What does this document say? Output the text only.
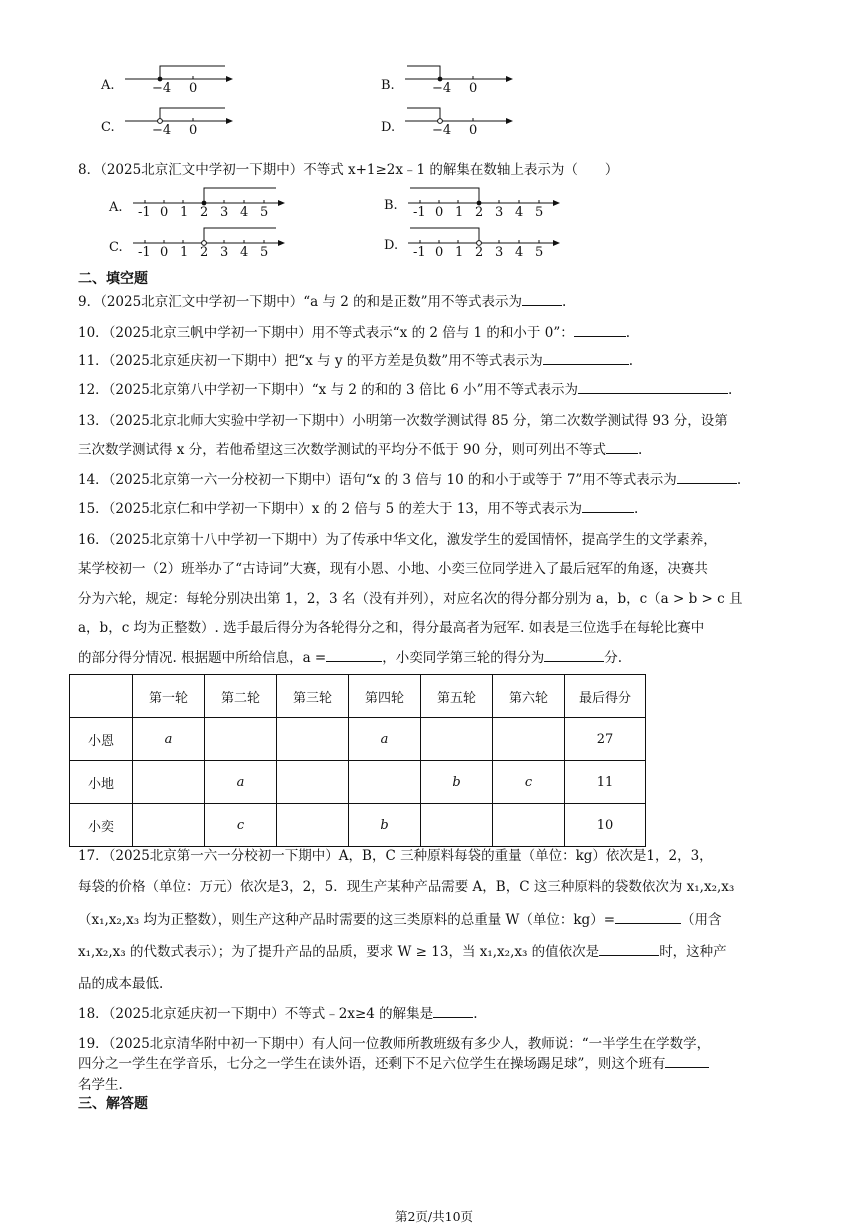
A.	−4 0	B.	−4 0
C.	−4 0	D.	−4 0
8．（2025北京汇文中学初一下期中）不等式 x+1≥2x﹣1 的解集在数轴上表示为（　　）
A. -1 0 1 2 3 4 5	B. -1 0 1 2 3 4 5
C. -1 0 1 2 3 4 5	D. -1 0 1 2 3 4 5
二、填空题
9．（2025北京汇文中学初一下期中）“a 与 2 的和是正数”用不等式表示为	.
10．（2025北京三帆中学初一下期中）用不等式表示“x 的 2 倍与 1 的和小于 0”：	.
11．（2025北京延庆初一下期中）把“x 与 y 的平方差是负数”用不等式表示为	.
12．（2025北京第八中学初一下期中）“x 与 2 的和的 3 倍比 6 小”用不等式表示为	.
13．（2025北京北师大实验中学初一下期中）小明第一次数学测试得 85 分，第二次数学测试得 93 分，设第
三次数学测试得 x 分，若他希望这三次数学测试的平均分不低于 90 分，则可列出不等式 .
14．（2025北京第一六一分校初一下期中）语句“x 的 3 倍与 10 的和小于或等于 7”用不等式表示为	.
15．（2025北京仁和中学初一下期中）x 的 2 倍与 5 的差大于 13，用不等式表示为	.
16．（2025北京第十八中学初一下期中）为了传承中华文化，激发学生的爱国情怀，提高学生的文学素养，
某学校初一（2）班举办了“古诗词”大赛，现有小恩、小地、小奕三位同学进入了最后冠军的角逐，决赛共
分为六轮，规定：每轮分别决出第 1，2，3 名（没有并列），对应名次的得分都分别为 a，b，c（a > b > c 且
a，b，c 均为正整数）. 选手最后得分为各轮得分之和，得分最高者为冠军. 如表是三位选手在每轮比赛中
的部分得分情况. 根据题中所给信息，a =	，小奕同学第三轮的得分为	分.
	第一轮	第二轮	第三轮	第四轮	第五轮	第六轮	最后得分
小恩	a			a			27
小地		a			b	c	11
小奕		c		b			10
17．（2025北京第一六一分校初一下期中）A，B，C 三种原料每袋的重量（单位：kg）依次是1，2，3，
每袋的价格（单位：万元）依次是3，2，5．现生产某种产品需要 A，B，C 这三种原料的袋数依次为 x₁,x₂,x₃
（x₁,x₂,x₃ 均为正整数），则生产这种产品时需要的这三类原料的总重量 W（单位：kg）=	（用含
x₁,x₂,x₃ 的代数式表示）；为了提升产品的品质，要求 W ≥ 13，当 x₁,x₂,x₃ 的值依次是	时，这种产
品的成本最低.
18．（2025北京延庆初一下期中）不等式﹣2x≥4 的解集是	.
19．（2025北京清华附中初一下期中）有人问一位教师所教班级有多少人，教师说：“一半学生在学数学，
四分之一学生在学音乐，七分之一学生在读外语，还剩下不足六位学生在操场踢足球”，则这个班有
名学生.
三、解答题
第2页/共10页
